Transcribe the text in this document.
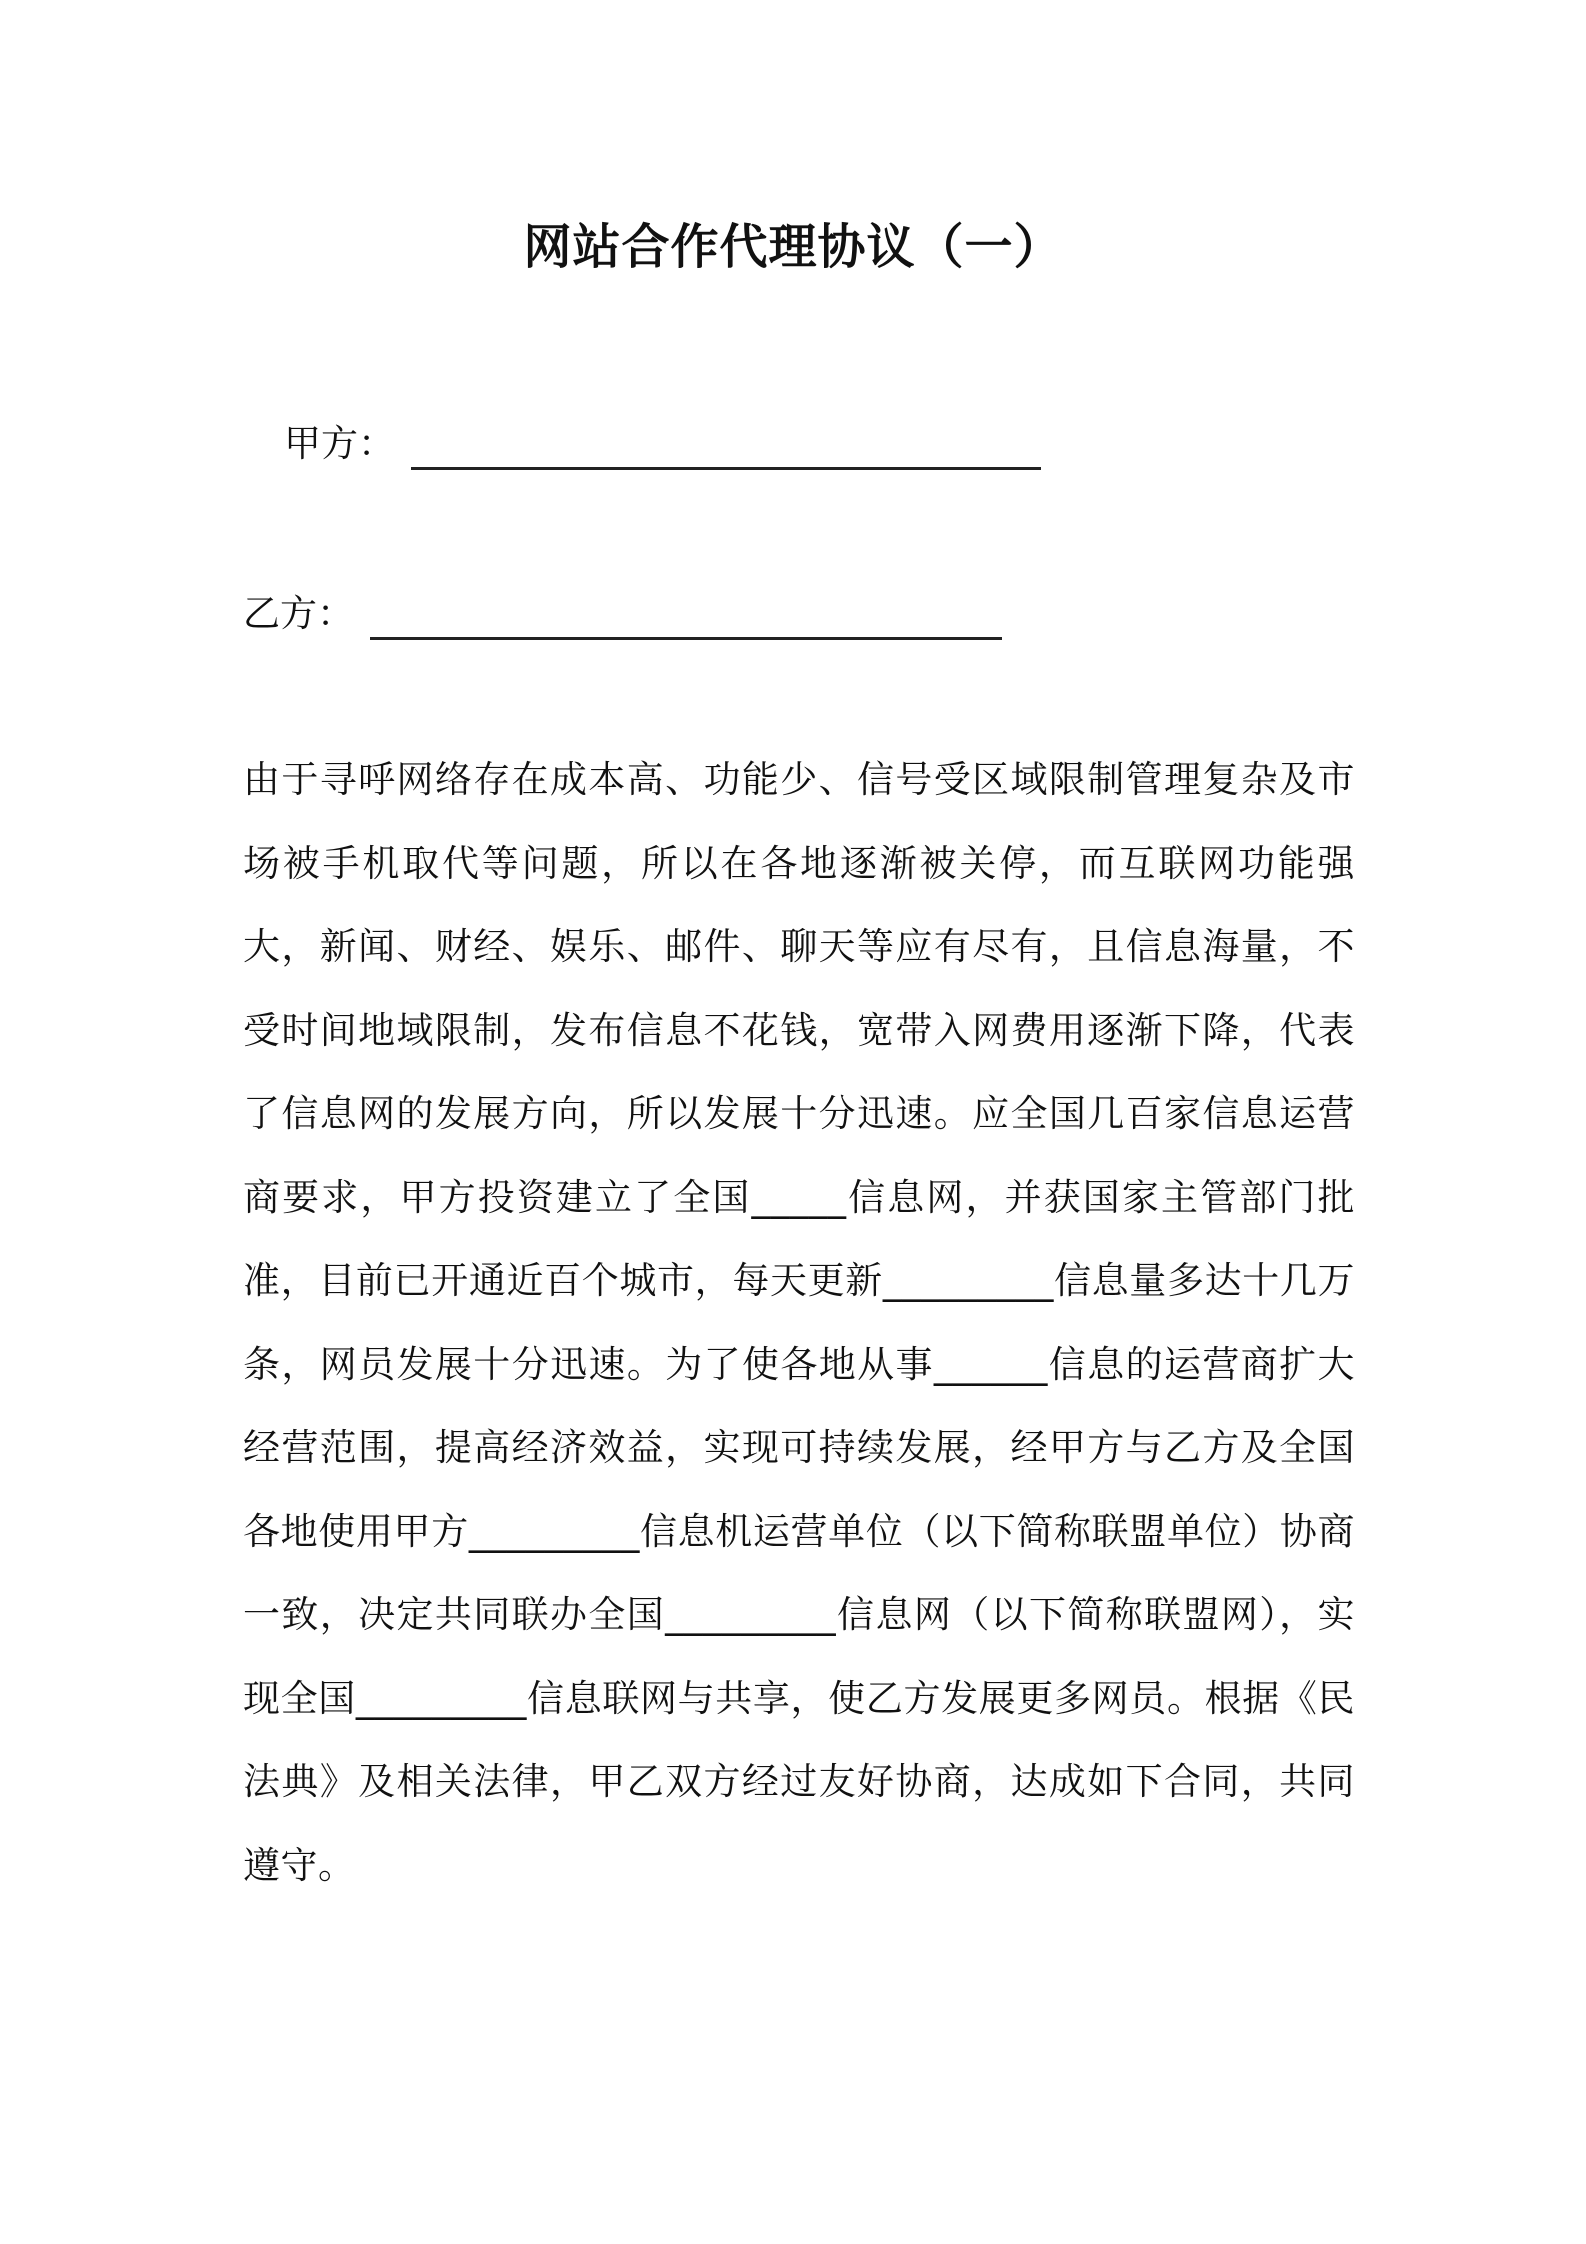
网站合作代理协议（一）
甲方：
乙方：

由于寻呼网络存在成本高、功能少、信号受区域限制管理复杂及市场被手机取代等问题，所以在各地逐渐被关停，而互联网功能强大，新闻、财经、娱乐、邮件、聊天等应有尽有，且信息海量，不受时间地域限制，发布信息不花钱，宽带入网费用逐渐下降，代表了信息网的发展方向，所以发展十分迅速。应全国几百家信息运营商要求，甲方投资建立了全国_____信息网，并获国家主管部门批准，目前已开通近百个城市，每天更新_________信息量多达十几万条，网员发展十分迅速。为了使各地从事______信息的运营商扩大经营范围，提高经济效益，实现可持续发展，经甲方与乙方及全国各地使用甲方_________信息机运营单位（以下简称联盟单位）协商一致，决定共同联办全国_________信息网（以下简称联盟网），实现全国_________信息联网与共享，使乙方发展更多网员。根据《民法典》及相关法律，甲乙双方经过友好协商，达成如下合同，共同遵守。
